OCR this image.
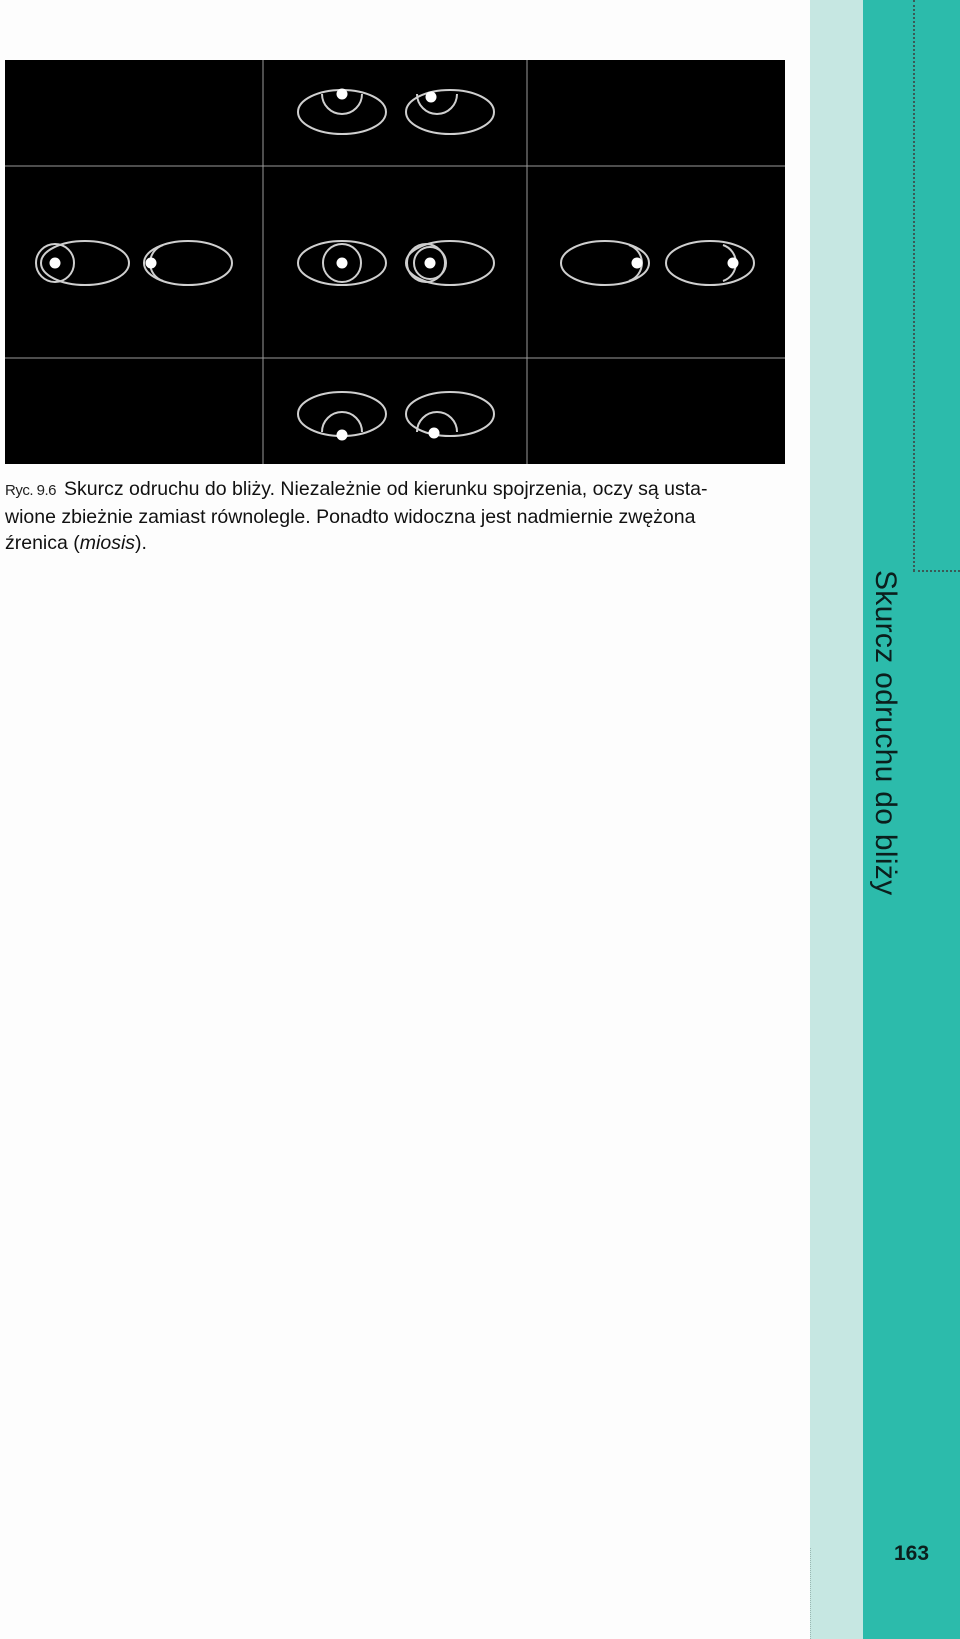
Ryc. 9.6 Skurcz odruchu do bliży. Niezależnie od kierunku spojrzenia, oczy są usta- wione zbieżnie zamiast równolegle. Ponadto widoczna jest nadmiernie zwężona źrenica (miosis).
Skurcz odruchu do bliży
163
